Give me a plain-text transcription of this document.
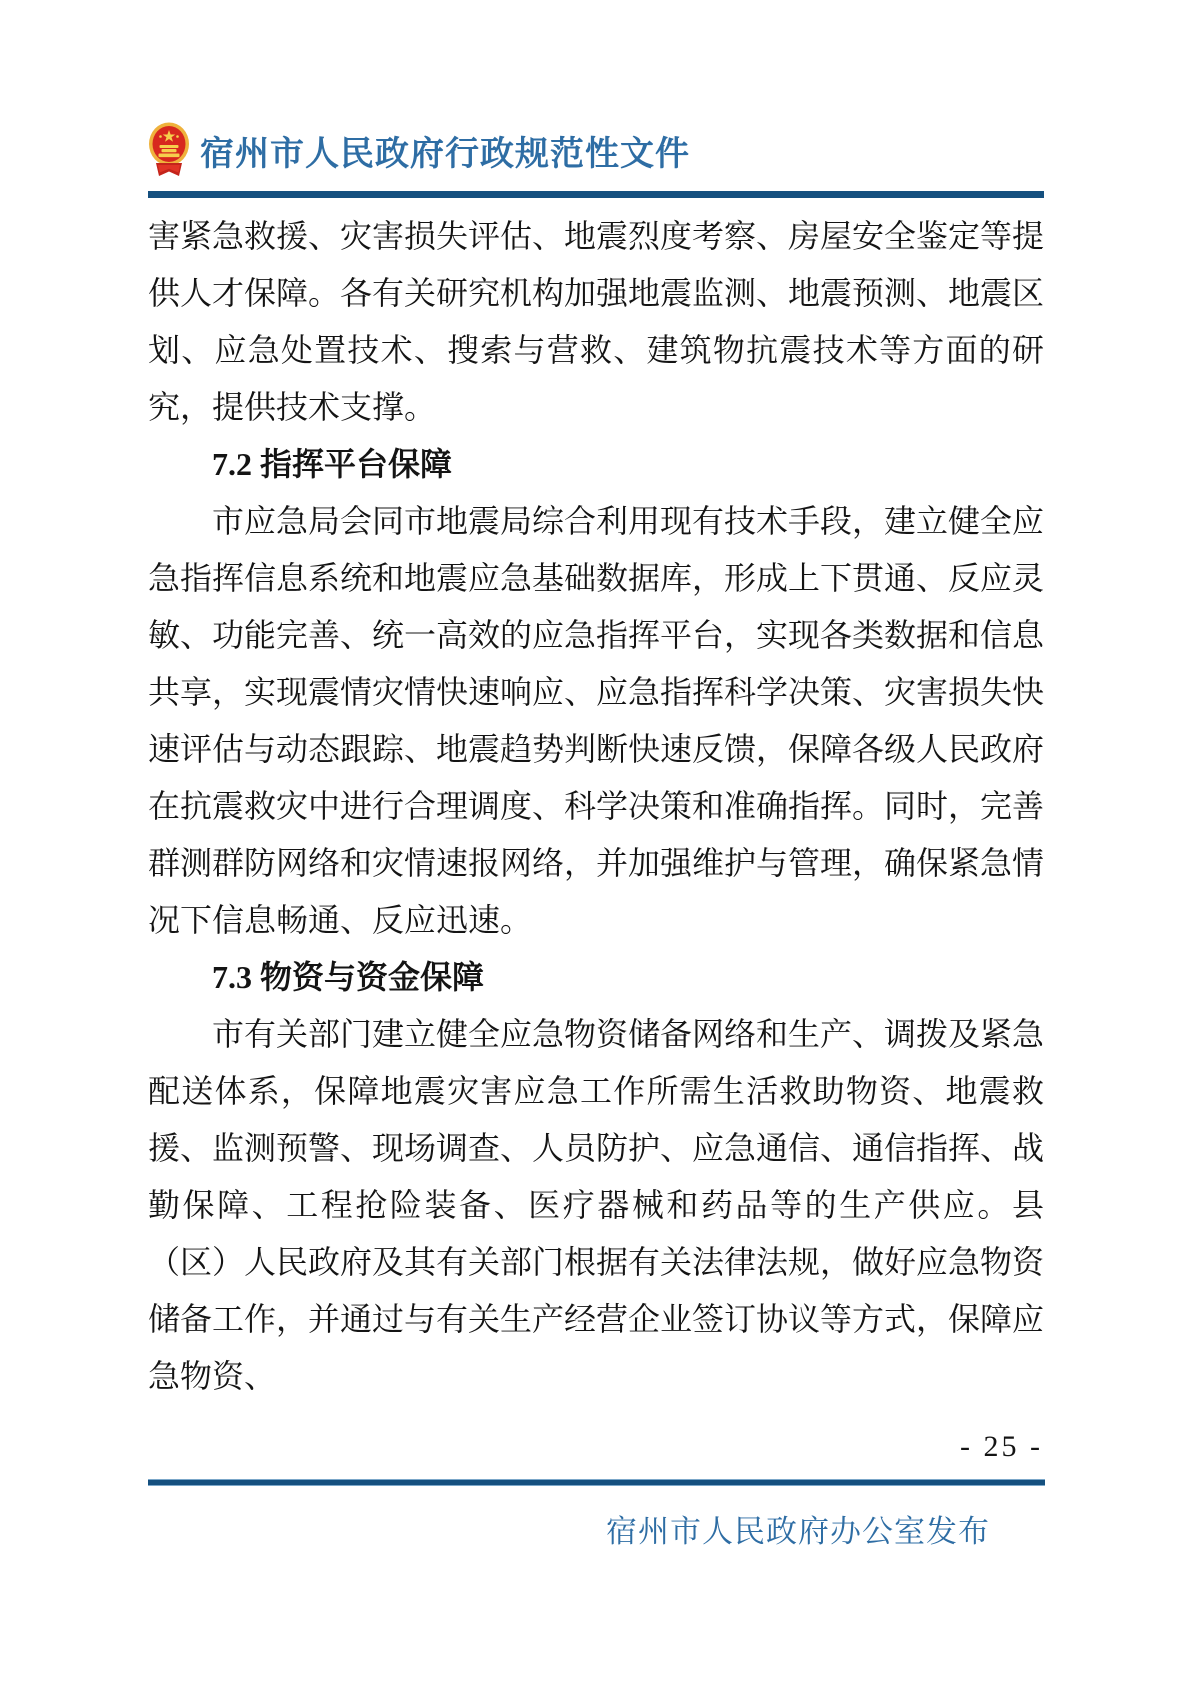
宿州市人民政府行政规范性文件

害紧急救援、灾害损失评估、地震烈度考察、房屋安全鉴定等提供人才保障。各有关研究机构加强地震监测、地震预测、地震区划、应急处置技术、搜索与营救、建筑物抗震技术等方面的研究，提供技术支撑。

7.2 指挥平台保障

市应急局会同市地震局综合利用现有技术手段，建立健全应急指挥信息系统和地震应急基础数据库，形成上下贯通、反应灵敏、功能完善、统一高效的应急指挥平台，实现各类数据和信息共享，实现震情灾情快速响应、应急指挥科学决策、灾害损失快速评估与动态跟踪、地震趋势判断快速反馈，保障各级人民政府在抗震救灾中进行合理调度、科学决策和准确指挥。同时，完善群测群防网络和灾情速报网络，并加强维护与管理，确保紧急情况下信息畅通、反应迅速。

7.3 物资与资金保障

市有关部门建立健全应急物资储备网络和生产、调拨及紧急配送体系，保障地震灾害应急工作所需生活救助物资、地震救援、监测预警、现场调查、人员防护、应急通信、通信指挥、战勤保障、工程抢险装备、医疗器械和药品等的生产供应。县（区）人民政府及其有关部门根据有关法律法规，做好应急物资储备工作，并通过与有关生产经营企业签订协议等方式，保障应急物资、

- 25 -
宿州市人民政府办公室发布
